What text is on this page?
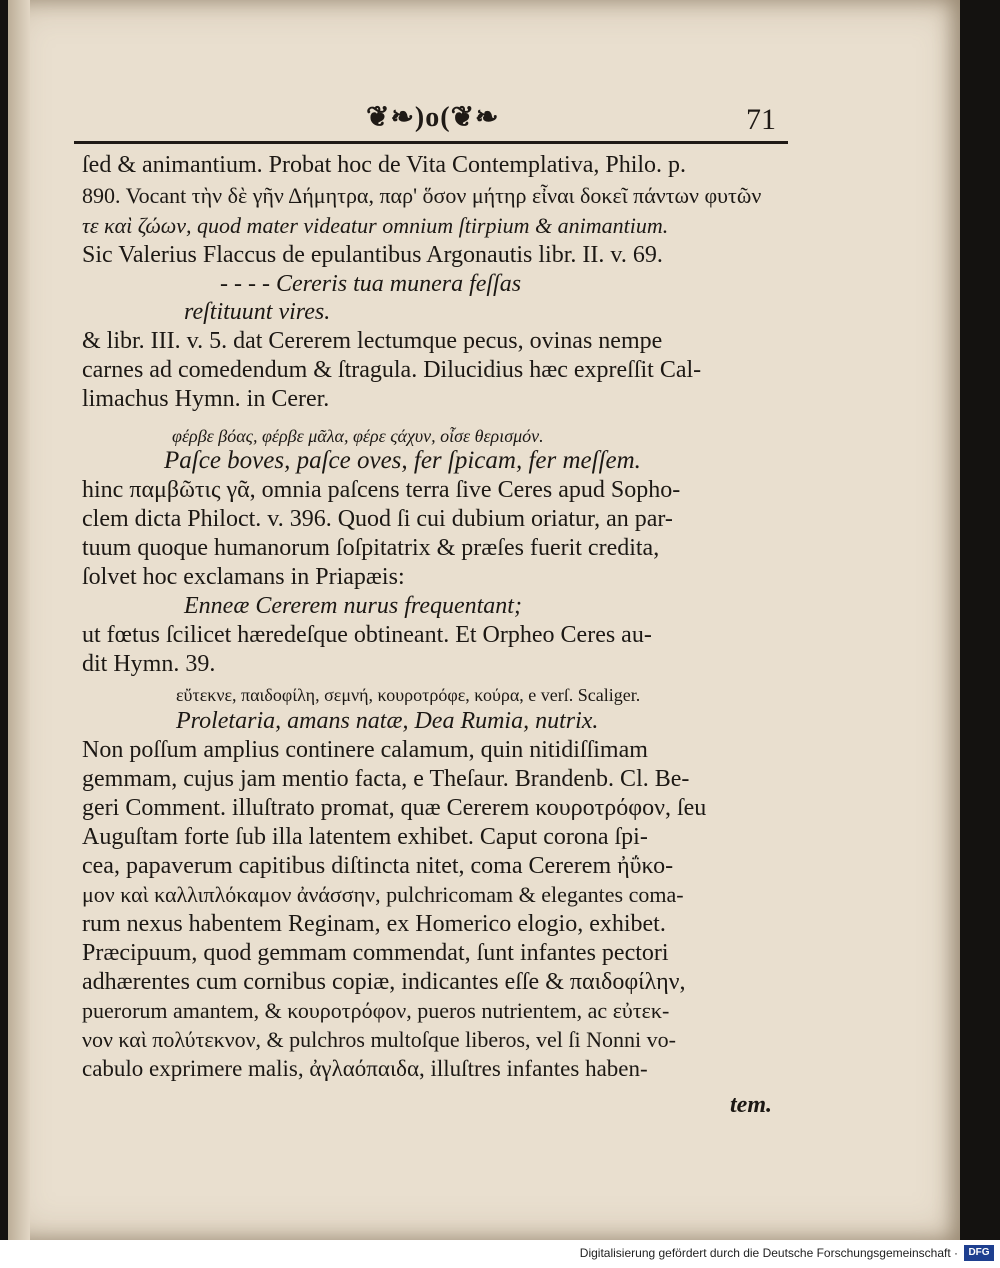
❦❧)o(❦❧	71
ſed & animantium. Probat hoc de Vita Contemplativa, Philo. p.
890. Vocant τὴν δὲ γῆν Δήμητρα, παρ' ὅσον μήτηρ εἶναι δοκεῖ πάντων φυτῶν
τε καὶ ζώων, quod mater videatur omnium ſtirpium & animantium.
Sic Valerius Flaccus de epulantibus Argonautis libr. II. v. 69.
- - - - Cereris tua munera feſſas
reſtituunt vires.
& libr. III. v. 5. dat Cererem lectumque pecus, ovinas nempe
carnes ad comedendum & ſtragula. Dilucidius hæc expreſſit Cal-
limachus Hymn. in Cerer.
φέρβε βόας, φέρβε μᾶλα, φέρε ςάχυν, οἶσε θερισμόν.
Paſce boves, paſce oves, fer ſpicam, fer meſſem.
hinc παμβῶτις γᾶ, omnia paſcens terra ſive Ceres apud Sopho-
clem dicta Philoct. v. 396. Quod ſi cui dubium oriatur, an par-
tuum quoque humanorum ſoſpitatrix & præſes fuerit credita,
ſolvet hoc exclamans in Priapæis:
Enneæ Cererem nurus frequentant;
ut fœtus ſcilicet hæredeſque obtineant. Et Orpheo Ceres au-
dit Hymn. 39.
εὔτεκνε, παιδοφίλη, σεμνή, κουροτρόφε, κούρα, e verſ. Scaliger.
Proletaria, amans natæ, Dea Rumia, nutrix.
Non poſſum amplius continere calamum, quin nitidiſſimam
gemmam, cujus jam mentio facta, e Theſaur. Brandenb. Cl. Be-
geri Comment. illuſtrato promat, quæ Cererem κουροτρόφον, ſeu
Auguſtam forte ſub illa latentem exhibet. Caput corona ſpi-
cea, papaverum capitibus diſtincta nitet, coma Cererem ἠΰκο-
μον καὶ καλλιπλόκαμον ἀνάσσην, pulchricomam & elegantes coma-
rum nexus habentem Reginam, ex Homerico elogio, exhibet.
Præcipuum, quod gemmam commendat, ſunt infantes pectori
adhærentes cum cornibus copiæ, indicantes eſſe & παιδοφίλην,
puerorum amantem, & κουροτρόφον, pueros nutrientem, ac εὐτεκ-
νον καὶ πολύτεκνον, & pulchros multoſque liberos, vel ſi Nonni vo-
cabulo exprimere malis, ἀγλαόπαιδα, illuſtres infantes haben-
tem.
Digitalisierung gefördert durch die Deutsche Forschungsgemeinschaft ·	DFG
